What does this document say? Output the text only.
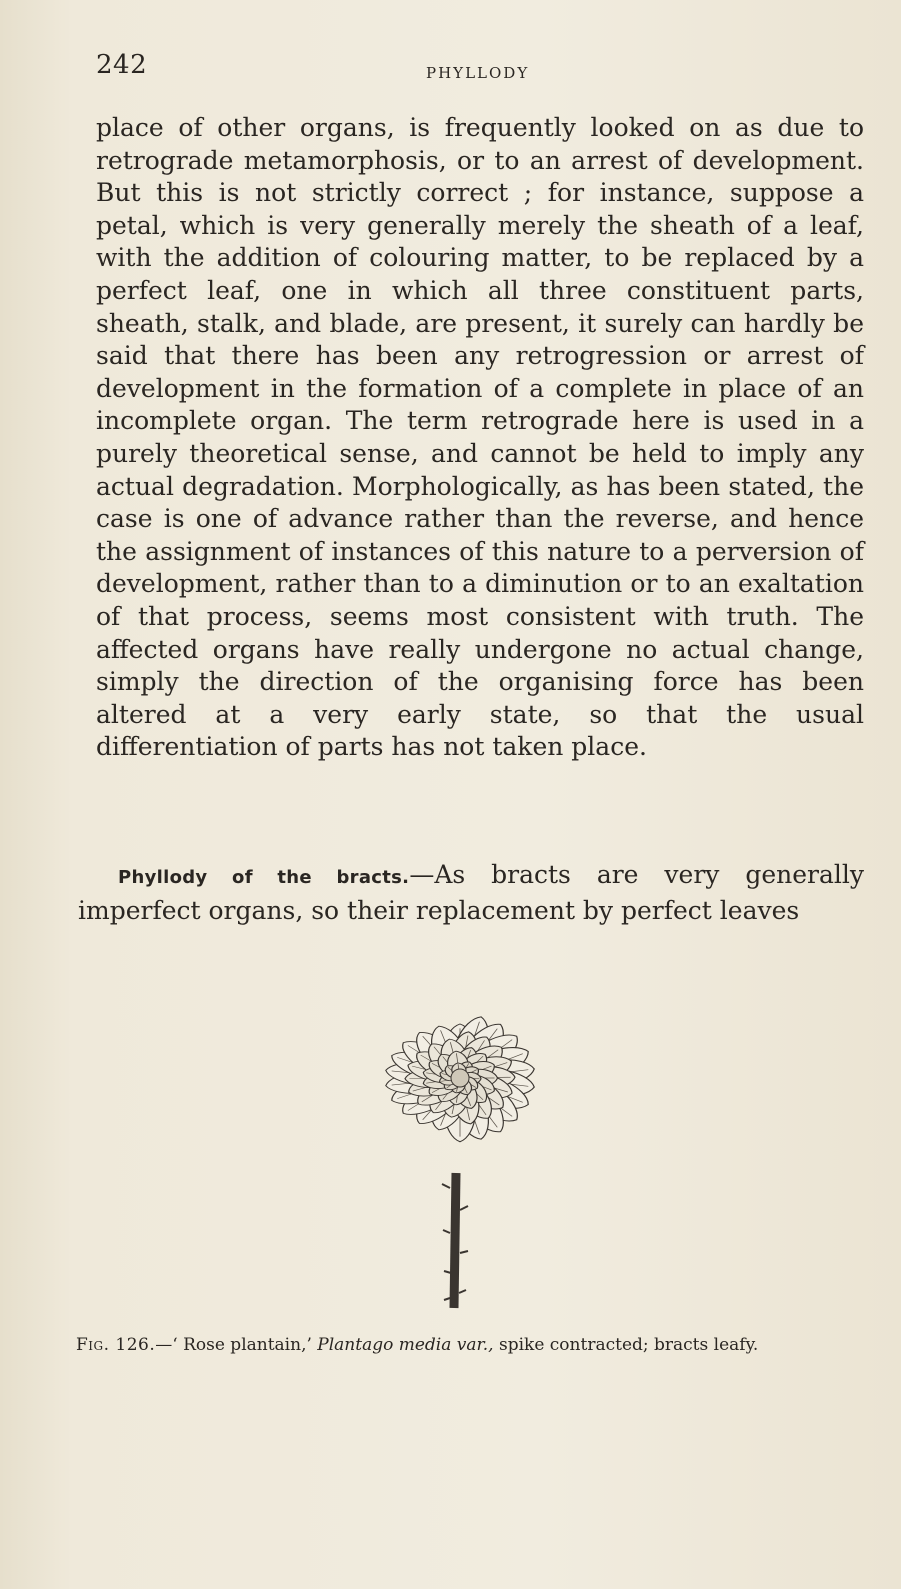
242	PHYLLODY

place of other organs, is frequently looked on as due to retrograde metamorphosis, or to an arrest of development. But this is not strictly correct ; for instance, suppose a petal, which is very generally merely the sheath of a leaf, with the addition of colouring matter, to be replaced by a perfect leaf, one in which all three constituent parts, sheath, stalk, and blade, are present, it surely can hardly be said that there has been any retrogression or arrest of development in the formation of a complete in place of an incomplete organ. The term retrograde here is used in a purely theoretical sense, and cannot be held to imply any actual degradation. Morphologically, as has been stated, the case is one of advance rather than the reverse, and hence the assignment of instances of this nature to a perversion of development, rather than to a diminution or to an exaltation of that process, seems most consistent with truth. The affected organs have really undergone no actual change, simply the direction of the organising force has been altered at a very early state, so that the usual differentiation of parts has not taken place.

Phyllody of the bracts.—As bracts are very generally imperfect organs, so their replacement by perfect leaves
Fig. 126.—‘ Rose plantain,’ Plantago media var., spike contracted; bracts leafy.
